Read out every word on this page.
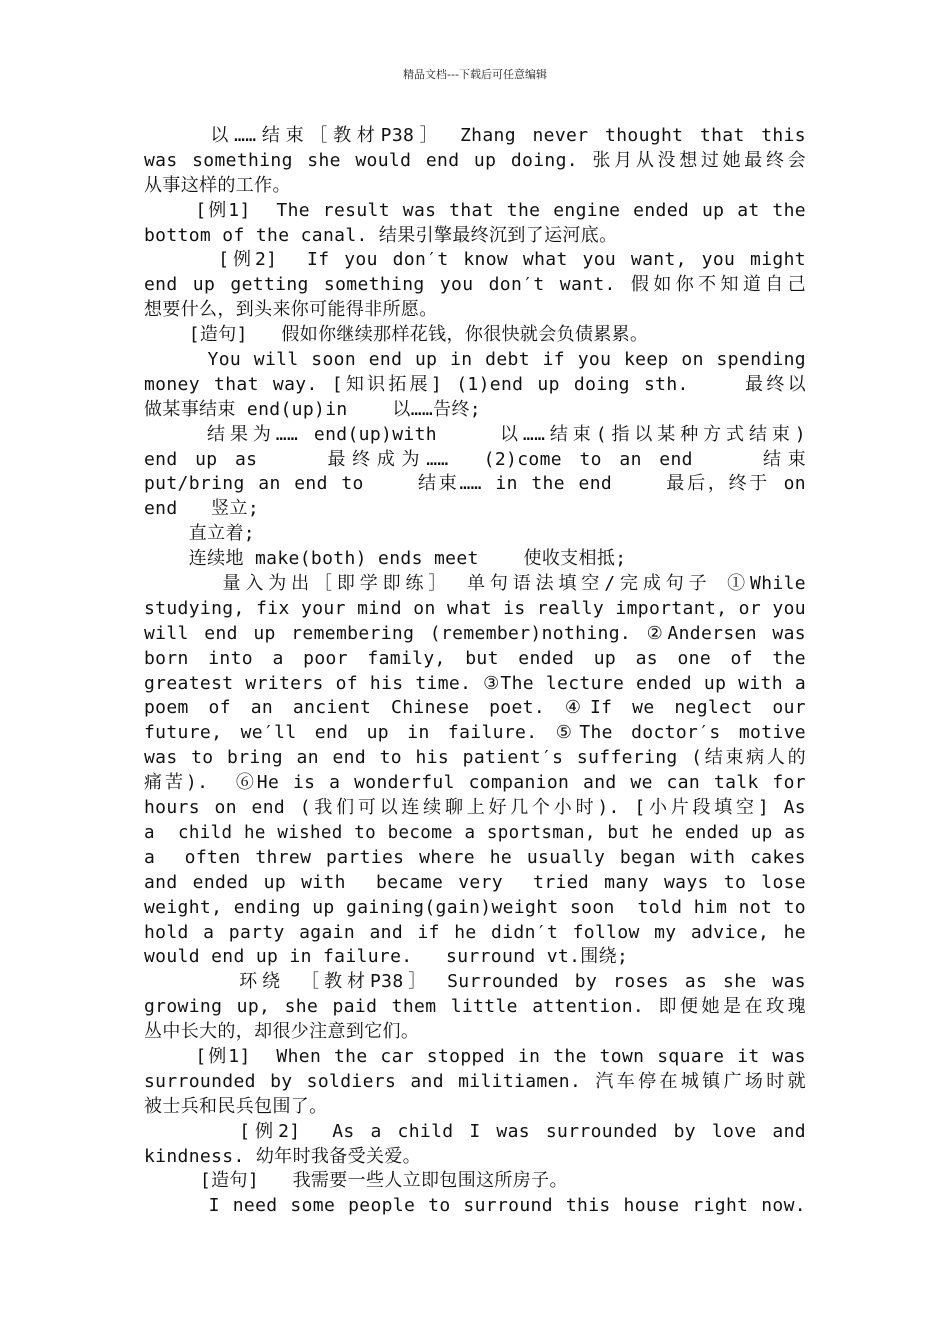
精品文档---下载后可任意编辑
以……结束［教材P38］ Zhang never thought that this
was something she would end up doing. 张月从没想过她最终会
从事这样的工作。
[例1]  The result was that the engine ended up at the
bottom of the canal. 结果引擎最终沉到了运河底。
[例2]  If you don′t know what you want, you might
end up getting something you don′t want. 假如你不知道自己
想要什么，到头来你可能得非所愿。
[造句]   假如你继续那样花钱，你很快就会负债累累。
You will soon end up in debt if you keep on spending
money that way. [知识拓展] (1)end up doing sth.    最终以
做某事结束 end(up)in    以……告终;
结果为…… end(up)with    以……结束(指以某种方式结束)
end up as    最终成为……  (2)come to an end    结束
put/bring an end to    结束…… in the end    最后，终于 on
end   竖立;
直立着;
连续地 make(both) ends meet    使收支相抵;
量入为出［即学即练］ 单句语法填空/完成句子 ①While
studying, fix your mind on what is really important, or you
will end up remembering (remember)nothing. ②Andersen was
born into a poor family, but ended up as one of the
greatest writers of his time. ③The lecture ended up with a
poem of an ancient Chinese poet. ④If we neglect our
future, we′ll end up in failure. ⑤The doctor′s motive
was to bring an end to his patient′s suffering (结束病人的
痛苦).  ⑥He is a wonderful companion and we can talk for
hours on end (我们可以连续聊上好几个小时). [小片段填空] As
a  child he wished to become a sportsman, but he ended up as
a  often threw parties where he usually began with cakes
and ended up with  became very  tried many ways to lose
weight, ending up gaining(gain)weight soon  told him not to
hold a party again and if he didn′t follow my advice, he
would end up in failure.   surround vt.围绕;
环绕 ［教材P38］ Surrounded by roses as she was
growing up, she paid them little attention. 即便她是在玫瑰
丛中长大的，却很少注意到它们。
[例1]  When the car stopped in the town square it was
surrounded by soldiers and militiamen. 汽车停在城镇广场时就
被士兵和民兵包围了。
[例2]  As a child I was surrounded by love and
kindness. 幼年时我备受关爱。
[造句]   我需要一些人立即包围这所房子。
I need some people to surround this house right now.
